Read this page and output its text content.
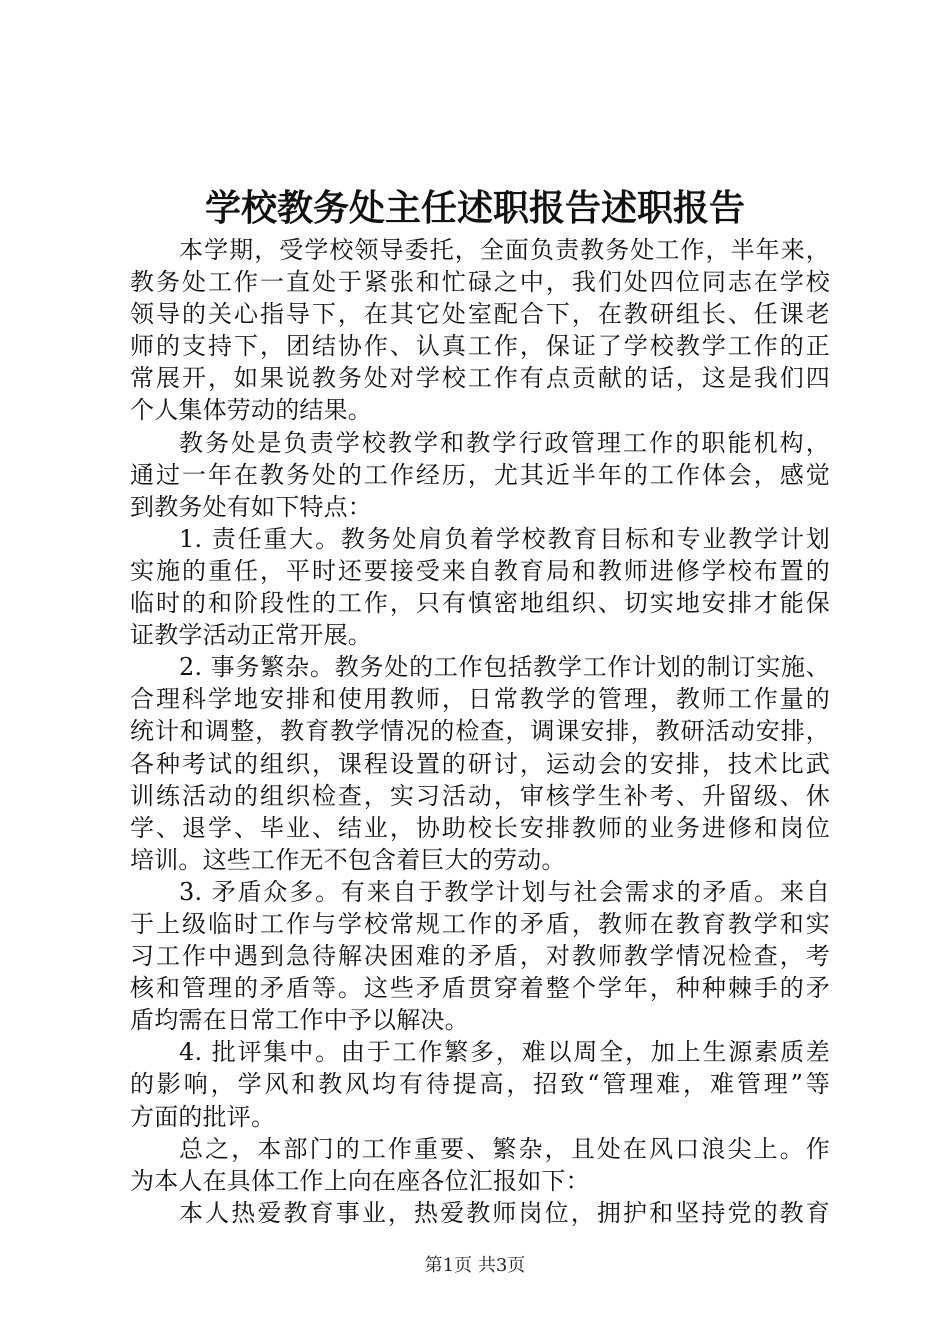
学校教务处主任述职报告述职报告
本学期，受学校领导委托，全面负责教务处工作，半年来，
教务处工作一直处于紧张和忙碌之中，我们处四位同志在学校
领导的关心指导下，在其它处室配合下，在教研组长、任课老
师的支持下，团结协作、认真工作，保证了学校教学工作的正
常展开，如果说教务处对学校工作有点贡献的话，这是我们四
个人集体劳动的结果。
教务处是负责学校教学和教学行政管理工作的职能机构，
通过一年在教务处的工作经历，尤其近半年的工作体会，感觉
到教务处有如下特点：
1. 责任重大。教务处肩负着学校教育目标和专业教学计划
实施的重任，平时还要接受来自教育局和教师进修学校布置的
临时的和阶段性的工作，只有慎密地组织、切实地安排才能保
证教学活动正常开展。
2. 事务繁杂。教务处的工作包括教学工作计划的制订实施、
合理科学地安排和使用教师，日常教学的管理，教师工作量的
统计和调整，教育教学情况的检查，调课安排，教研活动安排，
各种考试的组织，课程设置的研讨，运动会的安排，技术比武
训练活动的组织检查，实习活动，审核学生补考、升留级、休
学、退学、毕业、结业，协助校长安排教师的业务进修和岗位
培训。这些工作无不包含着巨大的劳动。
3. 矛盾众多。有来自于教学计划与社会需求的矛盾。来自
于上级临时工作与学校常规工作的矛盾，教师在教育教学和实
习工作中遇到急待解决困难的矛盾，对教师教学情况检查，考
核和管理的矛盾等。这些矛盾贯穿着整个学年，种种棘手的矛
盾均需在日常工作中予以解决。
4. 批评集中。由于工作繁多，难以周全，加上生源素质差
的影响，学风和教风均有待提高，招致“管理难，难管理”等
方面的批评。
总之，本部门的工作重要、繁杂，且处在风口浪尖上。作
为本人在具体工作上向在座各位汇报如下：
本人热爱教育事业，热爱教师岗位，拥护和坚持党的教育
第1页 共3页
